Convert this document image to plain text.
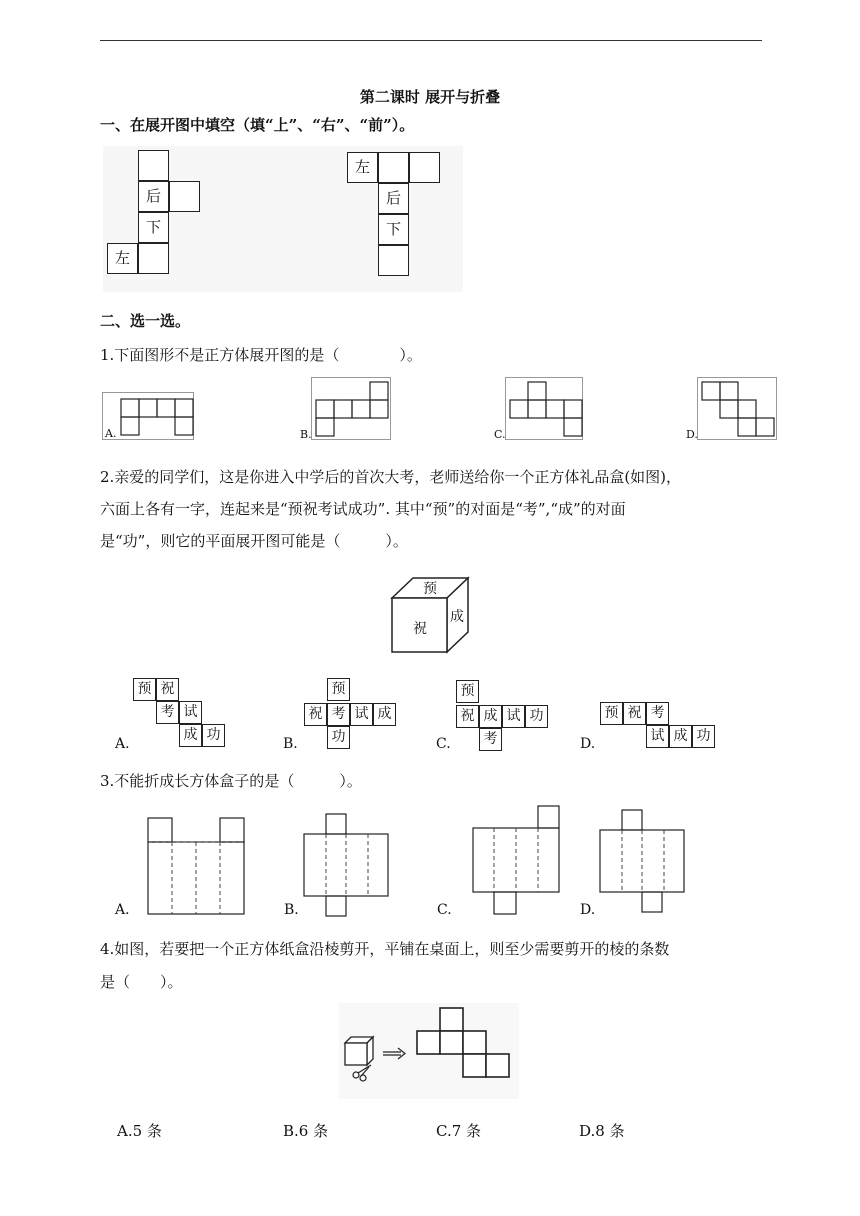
第二课时 展开与折叠
一、在展开图中填空（填“上”、“右”、“前”）。
后
下
左
左
后
下
二、选一选。
1.下面图形不是正方体展开图的是（　　　　）。
A.	B.	C.	D.
2.亲爱的同学们，这是你进入中学后的首次大考，老师送给你一个正方体礼品盒(如图)，
六面上各有一字，连起来是“预祝考试成功”. 其中“预”的对面是“考”,“成”的对面
是“功”，则它的平面展开图可能是（　　　）。
预
祝
成
预 祝
考 试
成 功
A.
预
祝 考 试 成
功
B.
预
祝 成 试 功
考
C.
预 祝 考
试 成 功
D.
3.不能折成长方体盒子的是（　　　）。
A.	B.	C.	D.
4.如图，若要把一个正方体纸盒沿棱剪开，平铺在桌面上，则至少需要剪开的棱的条数
是（　　）。
A.5 条	B.6 条	C.7 条	D.8 条
